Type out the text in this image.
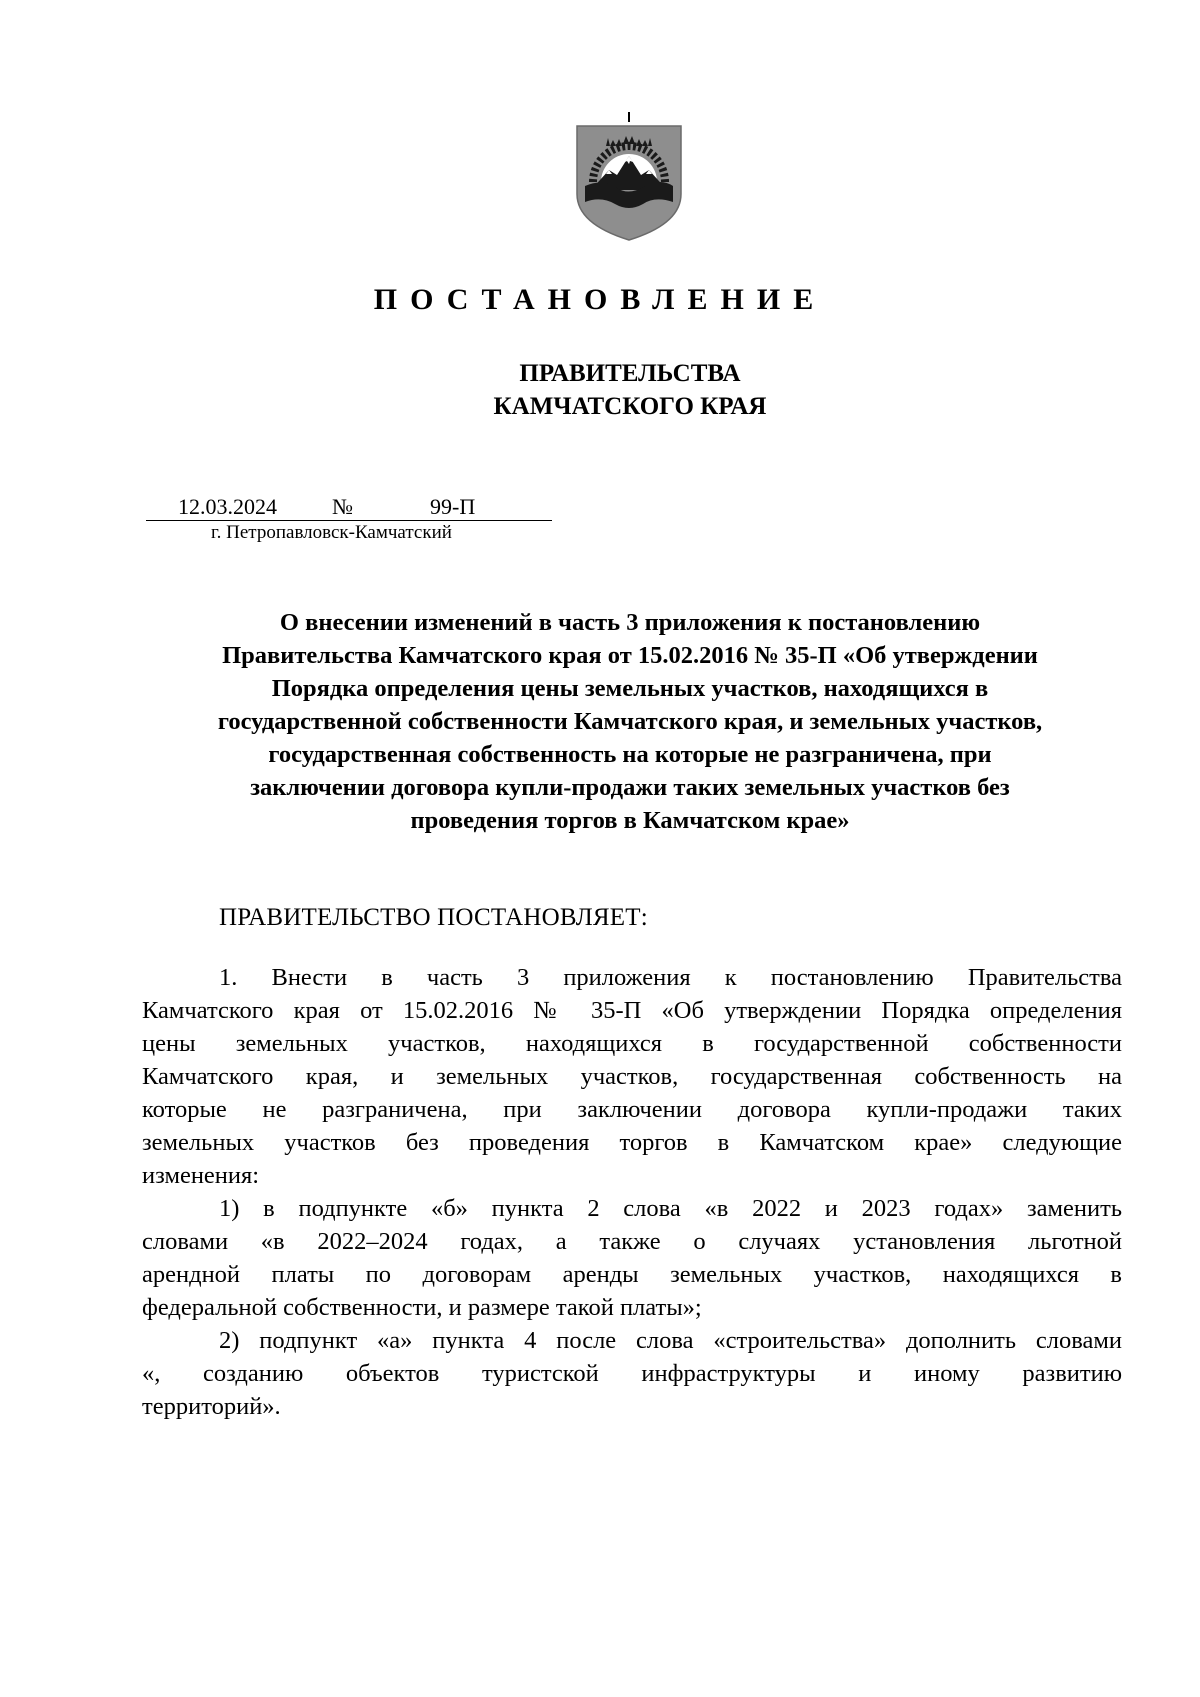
ПОСТАНОВЛЕНИЕ
ПРАВИТЕЛЬСТВА
КАМЧАТСКОГО КРАЯ
12.03.2024	№	99-П
г. Петропавловск-Камчатский
О внесении изменений в часть 3 приложения к постановлению
Правительства Камчатского края от 15.02.2016 № 35-П «Об утверждении
Порядка определения цены земельных участков, находящихся в
государственной собственности Камчатского края, и земельных участков,
государственная собственность на которые не разграничена, при
заключении договора купли-продажи таких земельных участков без
проведения торгов в Камчатском крае»
ПРАВИТЕЛЬСТВО ПОСТАНОВЛЯЕТ:
1. Внести в часть 3 приложения к постановлению Правительства
Камчатского края от 15.02.2016 № 35-П «Об утверждении Порядка определения
цены земельных участков, находящихся в государственной собственности
Камчатского края, и земельных участков, государственная собственность на
которые не разграничена, при заключении договора купли-продажи таких
земельных участков без проведения торгов в Камчатском крае» следующие
изменения:
1) в подпункте «б» пункта 2 слова «в 2022 и 2023 годах» заменить
словами «в 2022–2024 годах, а также о случаях установления льготной
арендной платы по договорам аренды земельных участков, находящихся в
федеральной собственности, и размере такой платы»;
2) подпункт «а» пункта 4 после слова «строительства» дополнить словами
«, созданию объектов туристской инфраструктуры и иному развитию
территорий».
